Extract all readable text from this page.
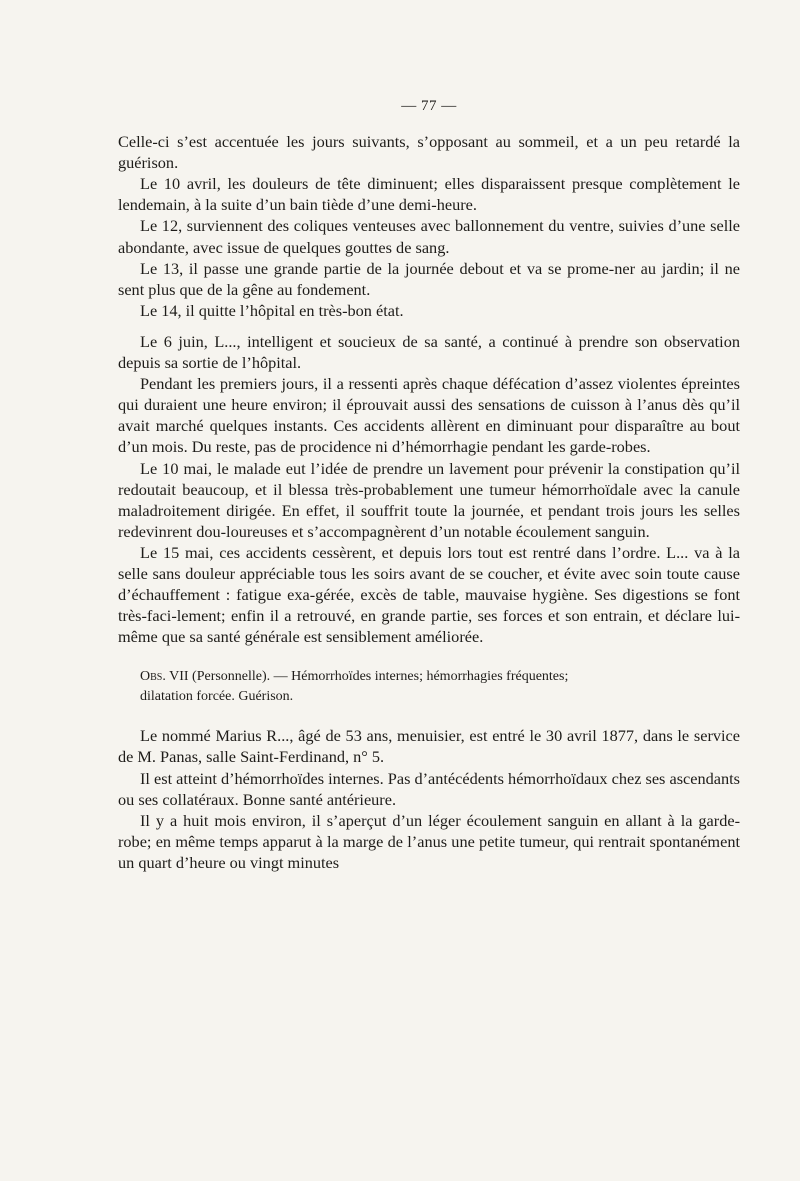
— 77 —

Celle-ci s’est accentuée les jours suivants, s’opposant au sommeil, et a un peu retardé la guérison.

Le 10 avril, les douleurs de tête diminuent; elles disparaissent presque complètement le lendemain, à la suite d’un bain tiède d’une demi-heure.

Le 12, surviennent des coliques venteuses avec ballonnement du ventre, suivies d’une selle abondante, avec issue de quelques gouttes de sang.

Le 13, il passe une grande partie de la journée debout et va se prome-ner au jardin; il ne sent plus que de la gêne au fondement.

Le 14, il quitte l’hôpital en très-bon état.

Le 6 juin, L..., intelligent et soucieux de sa santé, a continué à prendre son observation depuis sa sortie de l’hôpital.

Pendant les premiers jours, il a ressenti après chaque défécation d’assez violentes épreintes qui duraient une heure environ; il éprouvait aussi des sensations de cuisson à l’anus dès qu’il avait marché quelques instants. Ces accidents allèrent en diminuant pour disparaître au bout d’un mois. Du reste, pas de procidence ni d’hémorrhagie pendant les garde-robes.

Le 10 mai, le malade eut l’idée de prendre un lavement pour prévenir la constipation qu’il redoutait beaucoup, et il blessa très-probablement une tumeur hémorrhoïdale avec la canule maladroitement dirigée. En effet, il souffrit toute la journée, et pendant trois jours les selles redevinrent dou-loureuses et s’accompagnèrent d’un notable écoulement sanguin.

Le 15 mai, ces accidents cessèrent, et depuis lors tout est rentré dans l’ordre. L... va à la selle sans douleur appréciable tous les soirs avant de se coucher, et évite avec soin toute cause d’échauffement : fatigue exa-gérée, excès de table, mauvaise hygiène. Ses digestions se font très-faci-lement; enfin il a retrouvé, en grande partie, ses forces et son entrain, et déclare lui-même que sa santé générale est sensiblement améliorée.

Obs. VII (Personnelle). — Hémorrhoïdes internes; hémorrhagies fréquentes;

dilatation forcée. Guérison.

Le nommé Marius R..., âgé de 53 ans, menuisier, est entré le 30 avril 1877, dans le service de M. Panas, salle Saint-Ferdinand, n° 5.

Il est atteint d’hémorrhoïdes internes. Pas d’antécédents hémorrhoïdaux chez ses ascendants ou ses collatéraux. Bonne santé antérieure.

Il y a huit mois environ, il s’aperçut d’un léger écoulement sanguin en allant à la garde-robe; en même temps apparut à la marge de l’anus une petite tumeur, qui rentrait spontanément un quart d’heure ou vingt minutes
